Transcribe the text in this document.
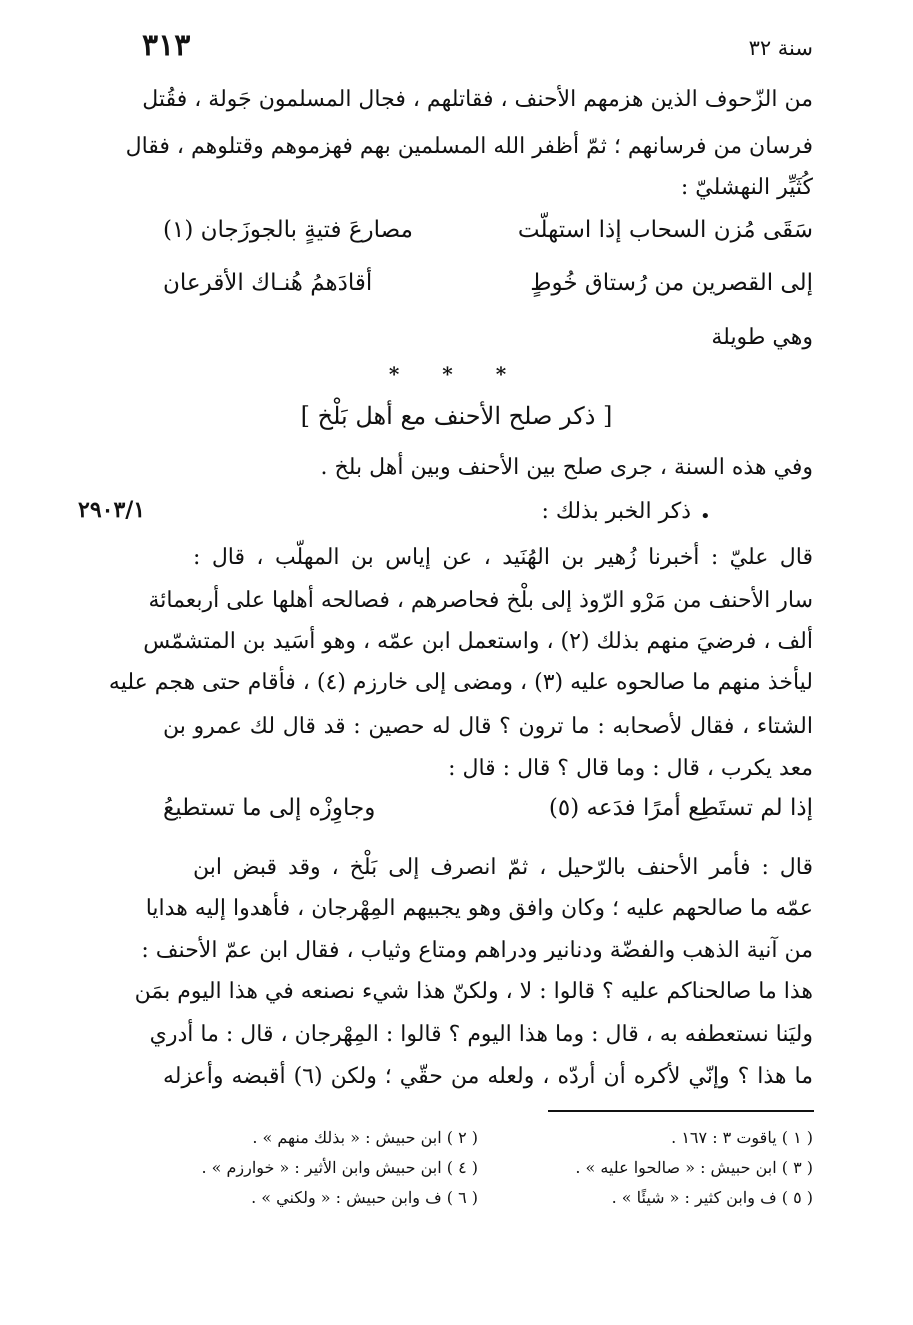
٣١٣	سنة ٣٢
من الزّحوف الذين هزمهم الأحنف ، فقاتلهم ، فجال المسلمون جَولة ، فقُتل
فرسان من فرسانهم ؛ ثمّ أظفر الله المسلمين بهم فهزموهم وقتلوهم ، فقال
كُثَيِّر النهشليّ :
سَقَى مُزن السحاب إذا استهلّت
مصارعَ فتيةٍ بالجوزَجان (١)
إلى القصرين من رُستاق خُوطٍ
أقادَهمُ هُنـاك الأقرعان
وهي طويلة
* * *
[ ذكر صلح الأحنف مع أهل بَلْخ ]
وفي هذه السنة ، جرى صلح بين الأحنف وبين أهل بلخ .
٢٩٠٣/١	•
ذكر الخبر بذلك :
قال عليّ : أخبرنا زُهير بن الهُنَيد ، عن إياس بن المهلّب ، قال :
سار الأحنف من مَرْو الرّوذ إلى بلْخ فحاصرهم ، فصالحه أهلها على أربعمائة
ألف ، فرضيَ منهم بذلك (٢) ، واستعمل ابن عمّه ، وهو أسَيد بن المتشمّس
ليأخذ منهم ما صالحوه عليه (٣) ، ومضى إلى خارزم (٤) ، فأقام حتى هجم عليه
الشتاء ، فقال لأصحابه : ما ترون ؟ قال له حصين : قد قال لك عمرو بن
معد يكرب ، قال : وما قال ؟ قال : قال :
إذا لم تستَطِع أمرًا فدَعه (٥)
وجاوِزْه إلى ما تستطيعُ
قال : فأمر الأحنف بالرّحيل ، ثمّ انصرف إلى بَلْخ ، وقد قبض ابن
عمّه ما صالحهم عليه ؛ وكان وافق وهو يجبيهم المِهْرجان ، فأهدوا إليه هدايا
من آنية الذهب والفضّة ودنانير ودراهم ومتاع وثياب ، فقال ابن عمّ الأحنف :
هذا ما صالحناكم عليه ؟ قالوا : لا ، ولكنّ هذا شيء نصنعه في هذا اليوم بمَن
وليَنا نستعطفه به ، قال : وما هذا اليوم ؟ قالوا : المِهْرجان ، قال : ما أدري
ما هذا ؟ وإنّي لأكره أن أردّه ، ولعله من حقّي ؛ ولكن (٦) أقبضه وأعزله
( ١ ) ياقوت ٣ : ١٦٧ .
( ٢ ) ابن حبيش : « بذلك منهم » .
( ٣ ) ابن حبيش : « صالحوا عليه » .
( ٤ ) ابن حبيش وابن الأثير : « خوارزم » .
( ٥ ) ف وابن كثير : « شيئًا » .
( ٦ ) ف وابن حبيش : « ولكني » .
